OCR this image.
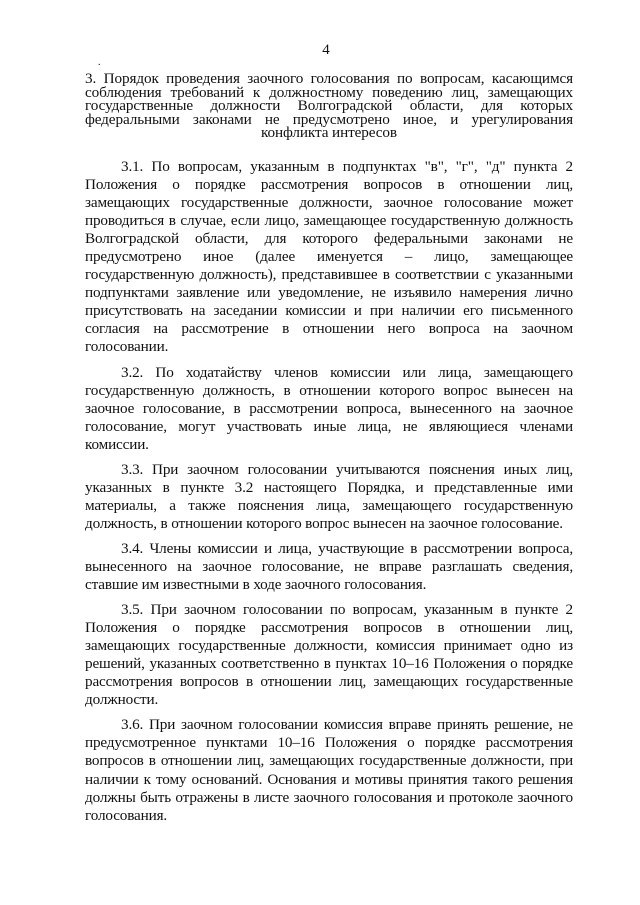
4
.
3. Порядок проведения заочного голосования по вопросам, касающимся соблюдения требований к должностному поведению лиц, замещающих государственные должности Волгоградской области, для которых федеральными законами не предусмотрено иное, и урегулирования конфликта интересов

3.1. По вопросам, указанным в подпунктах "в", "г", "д" пункта 2 Положения о порядке рассмотрения вопросов в отношении лиц, замещающих государственные должности, заочное голосование может проводиться в случае, если лицо, замещающее государственную должность Волгоградской области, для которого федеральными законами не предусмотрено иное (далее именуется – лицо, замещающее государственную должность), представившее в соответствии с указанными подпунктами заявление или уведомление, не изъявило намерения лично присутствовать на заседании комиссии и при наличии его письменного согласия на рассмотрение в отношении него вопроса на заочном голосовании.

3.2. По ходатайству членов комиссии или лица, замещающего государственную должность, в отношении которого вопрос вынесен на заочное голосование, в рассмотрении вопроса, вынесенного на заочное голосование, могут участвовать иные лица, не являющиеся членами комиссии.

3.3. При заочном голосовании учитываются пояснения иных лиц, указанных в пункте 3.2 настоящего Порядка, и представленные ими материалы, а также пояснения лица, замещающего государственную должность, в отношении которого вопрос вынесен на заочное голосование.

3.4. Члены комиссии и лица, участвующие в рассмотрении вопроса, вынесенного на заочное голосование, не вправе разглашать сведения, ставшие им известными в ходе заочного голосования.

3.5. При заочном голосовании по вопросам, указанным в пункте 2 Положения о порядке рассмотрения вопросов в отношении лиц, замещающих государственные должности, комиссия принимает одно из решений, указанных соответственно в пунктах 10–16 Положения о порядке рассмотрения вопросов в отношении лиц, замещающих государственные должности.

3.6. При заочном голосовании комиссия вправе принять решение, не предусмотренное пунктами 10–16 Положения о порядке рассмотрения вопросов в отношении лиц, замещающих государственные должности, при наличии к тому оснований. Основания и мотивы принятия такого решения должны быть отражены в листе заочного голосования и протоколе заочного голосования.
